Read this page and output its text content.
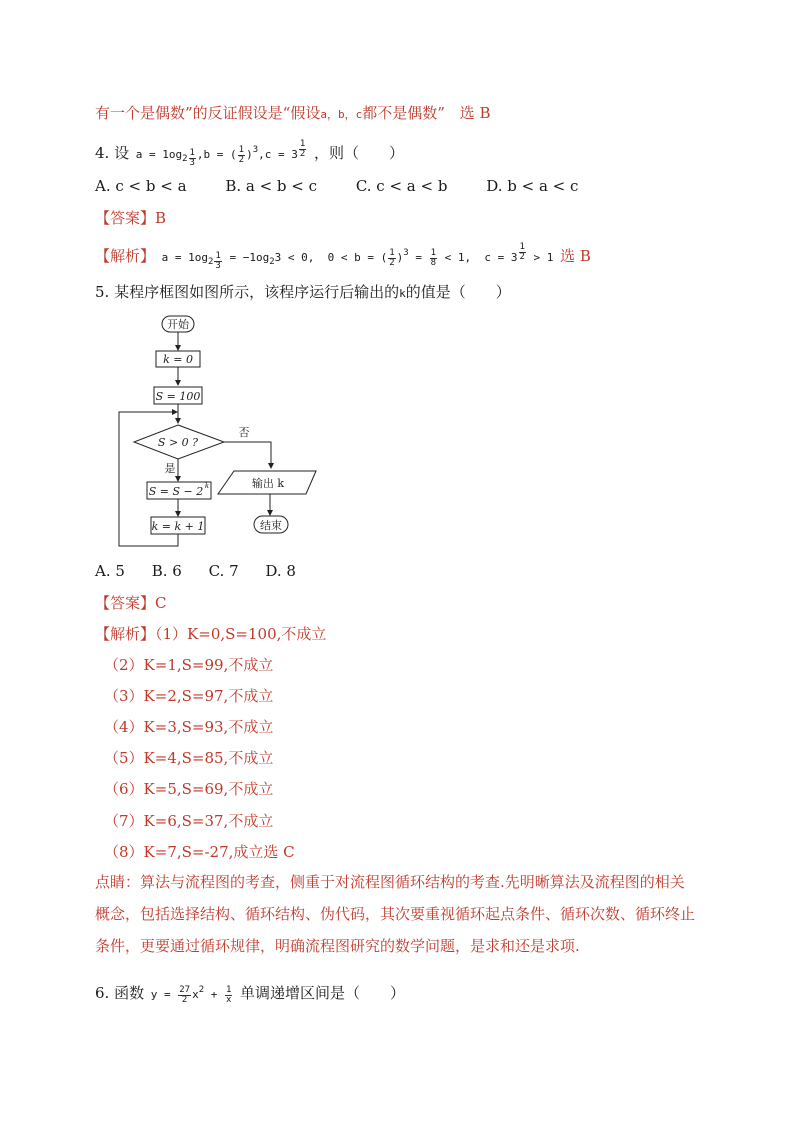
有一个是偶数”的反证假设是“假设a，b，c都不是偶数” 选 B
4. 设 $a = 1og_{2 \frac{1}{3}}$ ,b = ( $\frac{1}{2} )^3,c = 3$ $^{\frac{1}{2}}$ ，则（　　）
A. c < b < a	B. a < b < c	C. c < a < b	D. b < a < c
【答案】B
【解析】 $a = 1og_{2 \frac{1}{3}} = -1og_23 < 0$, 0 < b = ( $\frac{1}{2} )^3 = \frac{1}{8} < 1$, c = 3 $^{\frac{1}{2}}$ > 1 选 B
5. 某程序框图如图所示，该程序运行后输出的k的值是（　　）
开始
k = 0
S = 100
S > 0 ?
否
是
S = S − 2 k
k = k + 1
输出 k
结束
A. 5 B. 6 C. 7 D. 8
【答案】C
【解析】（1）K=0,S=100,不成立
（2）K=1,S=99,不成立
（3）K=2,S=97,不成立
（4）K=3,S=93,不成立
（5）K=4,S=85,不成立
（6）K=5,S=69,不成立
（7）K=6,S=37,不成立
（8）K=7,S=-27,成立选 C
点睛：算法与流程图的考查，侧重于对流程图循环结构的考查.先明晰算法及流程图的相关概念，包括选择结构、循环结构、伪代码，其次要重视循环起点条件、循环次数、循环终止条件，更要通过循环规律，明确流程图研究的数学问题，是求和还是求项.
6. 函数 $y = \frac{27}{2} x^2 + \frac{1}{x}$ 单调递增区间是（　　）
